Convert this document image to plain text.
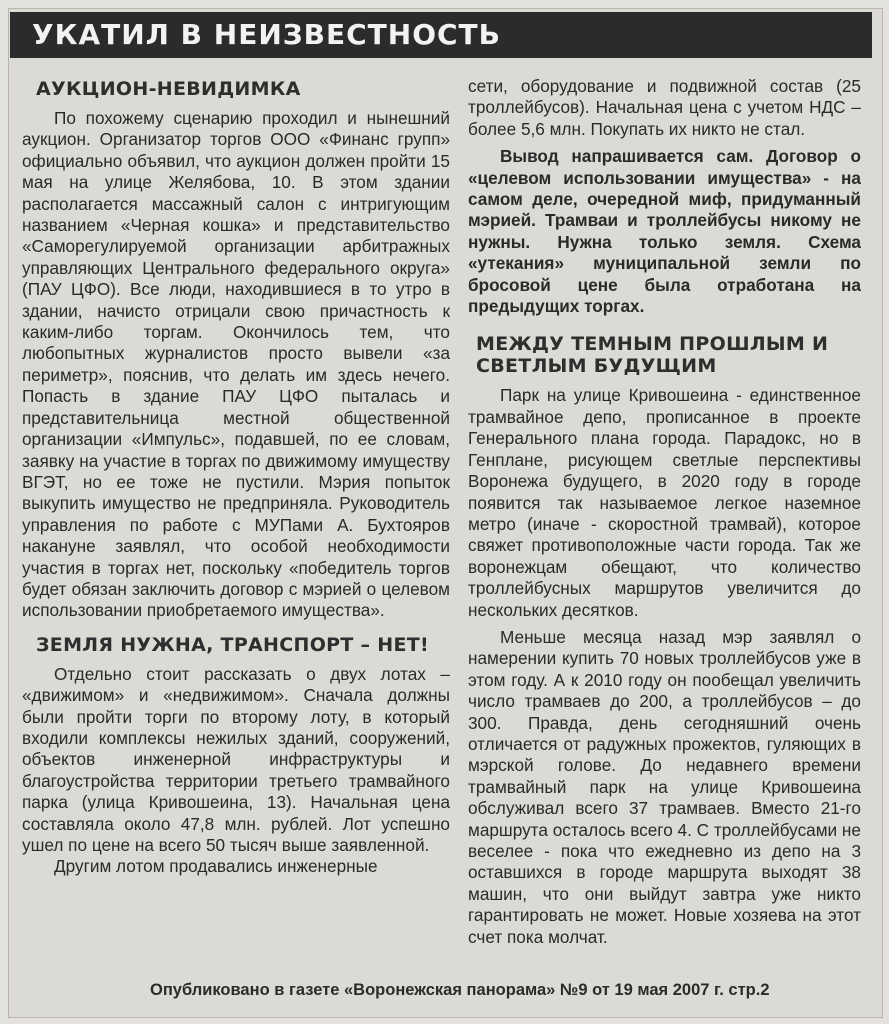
УКАТИЛ В НЕИЗВЕСТНОСТЬ

АУКЦИОН-НЕВИДИМКА

По похожему сценарию проходил и нынешний аукцион. Организатор торгов ООО «Финанс групп» официально объявил, что аукцион должен пройти 15 мая на улице Желябова, 10. В этом здании располагается массажный салон с интригующим названием «Черная кошка» и представительство «Саморегулируемой организации арбитражных управляющих Центрального федерального округа» (ПАУ ЦФО). Все люди, находившиеся в то утро в здании, начисто отрицали свою причастность к каким-либо торгам. Окончилось тем, что любопытных журналистов просто вывели «за периметр», пояснив, что делать им здесь нечего. Попасть в здание ПАУ ЦФО пыталась и представительница местной общественной организации «Импульс», подавшей, по ее словам, заявку на участие в торгах по движимому имуществу ВГЭТ, но ее тоже не пустили. Мэрия попыток выкупить имущество не предприняла. Руководитель управления по работе с МУПами А. Бухтояров накануне заявлял, что особой необходимости участия в торгах нет, поскольку «победитель торгов будет обязан заключить договор с мэрией о целевом использовании приобретаемого имущества».

ЗЕМЛЯ НУЖНА, ТРАНСПОРТ – НЕТ!

Отдельно стоит рассказать о двух лотах – «движимом» и «недвижимом». Сначала должны были пройти торги по второму лоту, в который входили комплексы нежилых зданий, сооружений, объектов инженерной инфраструктуры и благоустройства территории третьего трамвайного парка (улица Кривошеина, 13). Начальная цена составляла около 47,8 млн. рублей. Лот успешно ушел по цене на всего 50 тысяч выше заявленной.

Другим лотом продавались инженерные

сети, оборудование и подвижной состав (25 троллейбусов). Начальная цена с учетом НДС – более 5,6 млн. Покупать их никто не стал.

Вывод напрашивается сам. Договор о «целевом использовании имущества» - на самом деле, очередной миф, придуманный мэрией. Трамваи и троллейбусы никому не нужны. Нужна только земля. Схема «утекания» муниципальной земли по бросовой цене была отработана на предыдущих торгах.

МЕЖДУ ТЕМНЫМ ПРОШЛЫМ И СВЕТЛЫМ БУДУЩИМ

Парк на улице Кривошеина - единственное трамвайное депо, прописанное в проекте Генерального плана города. Парадокс, но в Генплане, рисующем светлые перспективы Воронежа будущего, в 2020 году в городе появится так называемое легкое наземное метро (иначе - скоростной трамвай), которое свяжет противоположные части города. Так же воронежцам обещают, что количество троллейбусных маршрутов увеличится до нескольких десятков.

Меньше месяца назад мэр заявлял о намерении купить 70 новых троллейбусов уже в этом году. А к 2010 году он пообещал увеличить число трамваев до 200, а троллейбусов – до 300. Правда, день сегодняшний очень отличается от радужных прожектов, гуляющих в мэрской голове. До недавнего времени трамвайный парк на улице Кривошеина обслуживал всего 37 трамваев. Вместо 21-го маршрута осталось всего 4. С троллейбусами не веселее - пока что ежедневно из депо на 3 оставшихся в городе маршрута выходят 38 машин, что они выйдут завтра уже никто гарантировать не может. Новые хозяева на этот счет пока молчат.

Опубликовано в газете «Воронежская панорама» №9 от 19 мая 2007 г. стр.2
